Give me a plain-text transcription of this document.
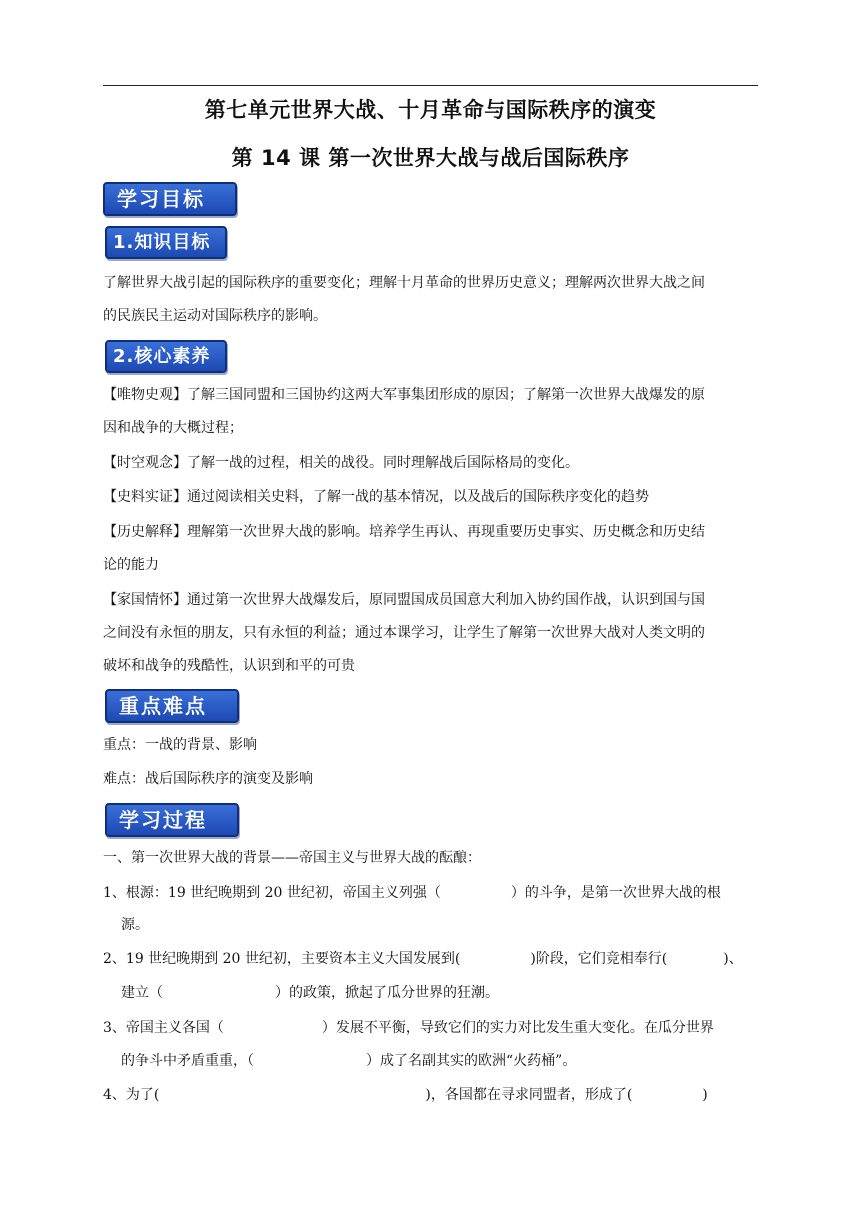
第七单元世界大战、十月革命与国际秩序的演变
第 14 课 第一次世界大战与战后国际秩序
学习目标
1.知识目标
了解世界大战引起的国际秩序的重要变化；理解十月革命的世界历史意义；理解两次世界大战之间
的民族民主运动对国际秩序的影响。
2.核心素养
【唯物史观】了解三国同盟和三国协约这两大军事集团形成的原因；了解第一次世界大战爆发的原
因和战争的大概过程；
【时空观念】了解一战的过程，相关的战役。同时理解战后国际格局的变化。
【史料实证】通过阅读相关史料，了解一战的基本情况，以及战后的国际秩序变化的趋势
【历史解释】理解第一次世界大战的影响。培养学生再认、再现重要历史事实、历史概念和历史结
论的能力
【家国情怀】通过第一次世界大战爆发后，原同盟国成员国意大利加入协约国作战，认识到国与国
之间没有永恒的朋友，只有永恒的利益；通过本课学习，让学生了解第一次世界大战对人类文明的
破坏和战争的残酷性，认识到和平的可贵
重点难点
重点：一战的背景、影响
难点：战后国际秩序的演变及影响
学习过程
一、第一次世界大战的背景——帝国主义与世界大战的酝酿：
1、根源：19 世纪晚期到 20 世纪初，帝国主义列强（　　　　　）的斗争，是第一次世界大战的根
源。
2、19 世纪晚期到 20 世纪初，主要资本主义大国发展到(　　　　　)阶段，它们竞相奉行(　　　　)、
建立（　　　　　　　　）的政策，掀起了瓜分世界的狂潮。
3、帝国主义各国（　　　　　　　）发展不平衡，导致它们的实力对比发生重大变化。在瓜分世界
的争斗中矛盾重重，（　　　　　　　　）成了名副其实的欧洲“火药桶”。
4、为了(　　　　　　　　　　　　　　　　　　　)，各国都在寻求同盟者，形成了(　　　　　)
